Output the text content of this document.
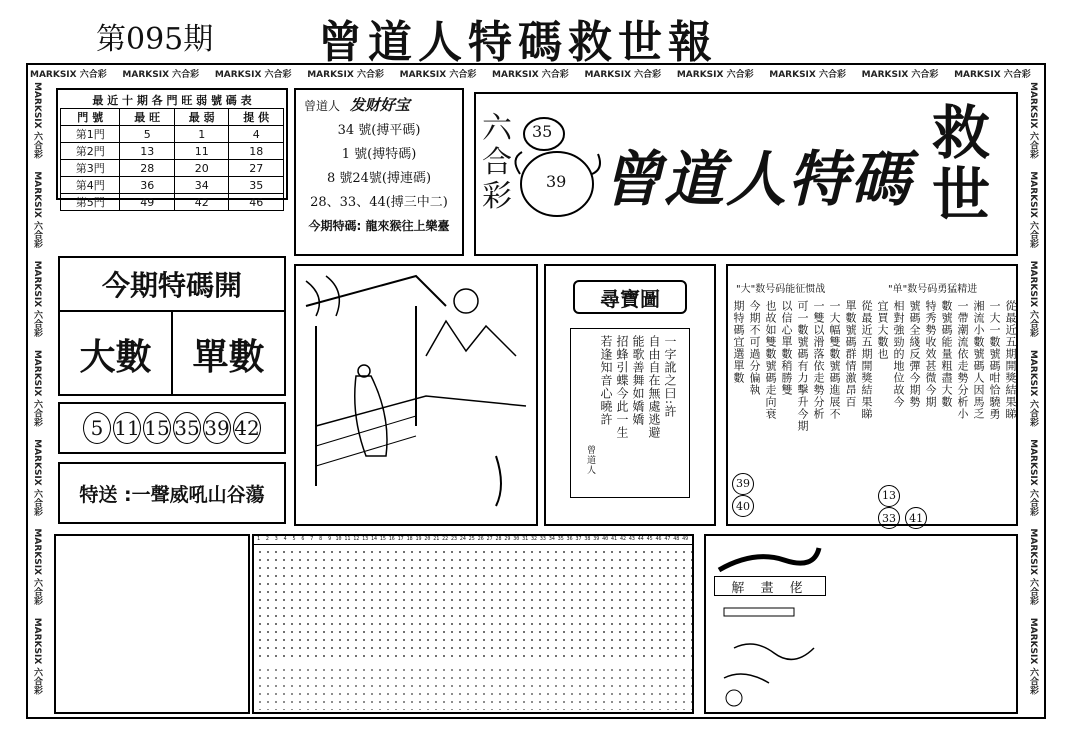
第095期 曾道人特碼救世報
MARKSIX 六合彩 MARKSIX 六合彩 MARKSIX 六合彩 MARKSIX 六合彩 MARKSIX 六合彩 MARKSIX 六合彩 MARKSIX 六合彩 MARKSIX 六合彩 MARKSIX 六合彩 MARKSIX 六合彩 MARKSIX 六合彩
MARKSIX 六合彩    MARKSIX 六合彩    MARKSIX 六合彩    MARKSIX 六合彩    MARKSIX 六合彩    MARKSIX 六合彩    MARKSIX 六合彩
MARKSIX 六合彩    MARKSIX 六合彩    MARKSIX 六合彩    MARKSIX 六合彩    MARKSIX 六合彩    MARKSIX 六合彩    MARKSIX 六合彩
最 近 十 期 各 門 旺 弱 號 碼 表
門 號	最 旺	最 弱	提 供
第1門	5	1	4
第2門	13	11	18
第3門	28	20	27
第4門	36	34	35
第5門	49	42	46
曾道人 发财好宝
34 號(搏平碼)
1 號(搏特碼)
8 號24號(搏連碼)
28、33、44(搏三中二)
今期特碼: 龍來猴往上樂臺
六
合
彩
35
39 曾道人特碼
救世
今期特碼開
大數	單數
5 11 15 35 39 42
特送 :一聲威吼山谷蕩
尋寶圖
一字訛之曰:許
自由自在無處逃避
能歌善舞如嬌嬌
招蜂引蝶今此一生
若逢知音心曉許
曾道人
"大"数号码能征惯战	"单"数号码勇猛精进
從最近五期開獎結果睇
一大一數號碼咁恰驍勇
湘流小數號碼人因馬乏
一帶潮流依走勢分析小
數號碼能量粗盡大數
特秀勢收效甚微今期
號碼全綫反彈今期勢
相對強勁的地位故今
宜買大數也
從最近五期開獎結果睇
單數號碼群情激昂百
一大幅雙數號碼進展不
一雙以滑落依走勢分析
可一數號碼有力擊升今期
以信心單數稍勝雙
也故如雙數號碼走向衰
今期不可過分偏執
期特碼宜選單數
39
40
13
33 41
1 2 3 4 5 6 7 8 9 10 11 12 13 14 15 16 17 18 19 20 21 22 23 24 25 26 27 28 29 30 31 32 33 34 35 36 37 38 39 40 41 42 43 44 45 46 47 48 49
解 畫 佬
